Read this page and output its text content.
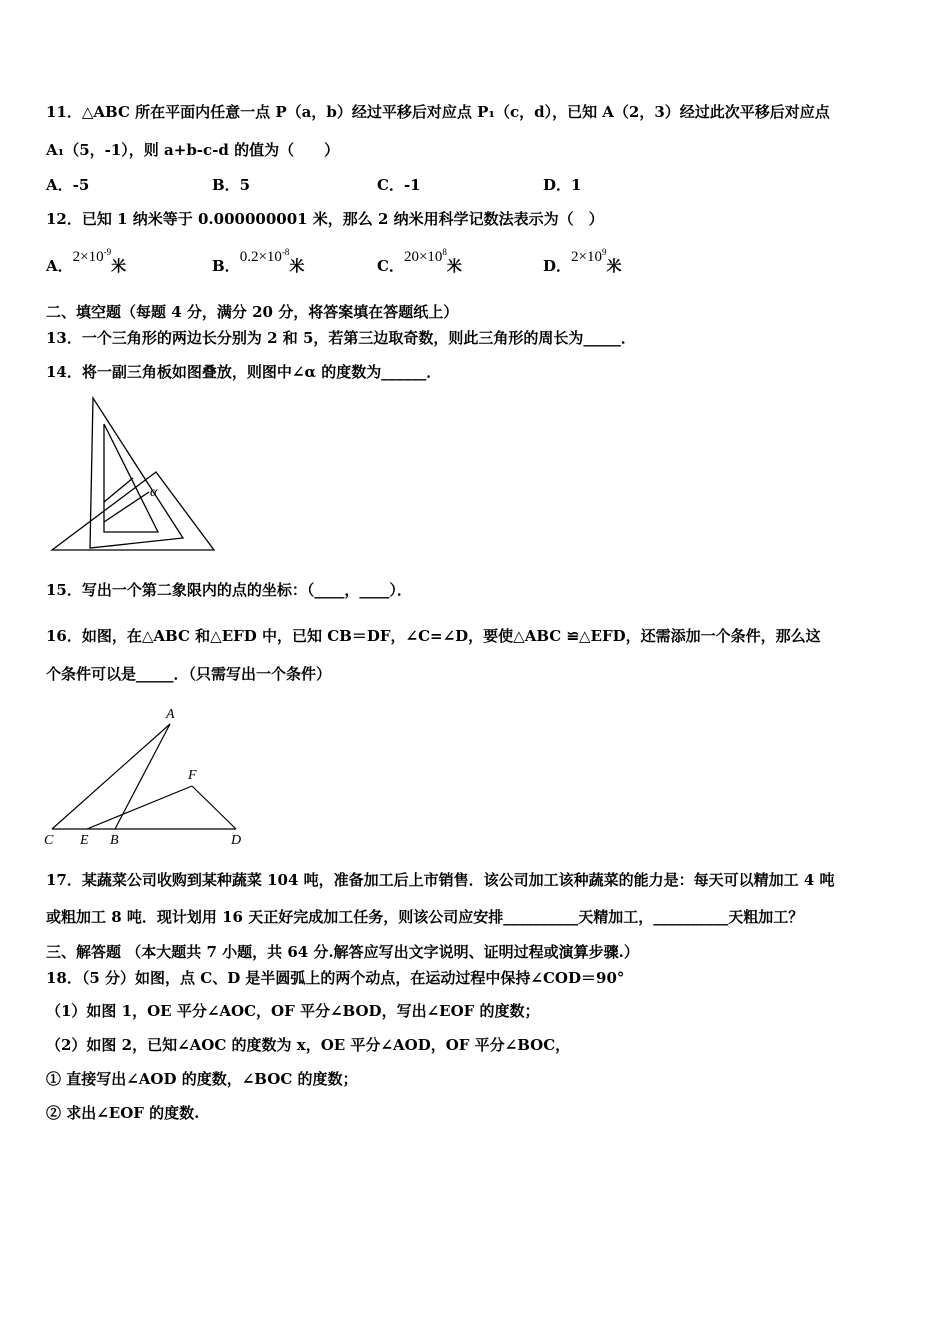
11．△ABC 所在平面内任意一点 P（a，b）经过平移后对应点 P₁（c，d），已知 A（2，3）经过此次平移后对应点
A₁（5，-1），则 a+b-c-d 的值为（　　）
A．-5	B．5	C．-1	D．1
12．已知 1 纳米等于 0.000000001 米，那么 2 纳米用科学记数法表示为（　）
A．$2\times 10^{-9}$米	B．$0.2\times 10^{-8}$米	C．$20\times 10^8$米	D．$2\times 10^9$米
二、填空题（每题 4 分，满分 20 分，将答案填在答题纸上）
13．一个三角形的两边长分别为 2 和 5，若第三边取奇数，则此三角形的周长为_____．
14．将一副三角板如图叠放，则图中∠α 的度数为______．
α
15．写出一个第二象限内的点的坐标：（____，____）．
16．如图，在△ABC 和△EFD 中，已知 CB＝DF，∠C=∠D，要使△ABC ≌△EFD，还需添加一个条件，那么这
个条件可以是_____．（只需写出一个条件）
A
F
C E B	D
17．某蔬菜公司收购到某种蔬菜 104 吨，准备加工后上市销售．该公司加工该种蔬菜的能力是：每天可以精加工 4 吨
或粗加工 8 吨．现计划用 16 天正好完成加工任务，则该公司应安排__________天精加工，__________天粗加工？
三、解答题 （本大题共 7 小题，共 64 分.解答应写出文字说明、证明过程或演算步骤.）
18．（5 分）如图，点 C、D 是半圆弧上的两个动点，在运动过程中保持∠COD＝90°
（1）如图 1，OE 平分∠AOC，OF 平分∠BOD，写出∠EOF 的度数；
（2）如图 2，已知∠AOC 的度数为 x，OE 平分∠AOD，OF 平分∠BOC，
① 直接写出∠AOD 的度数，∠BOC 的度数；
② 求出∠EOF 的度数.
